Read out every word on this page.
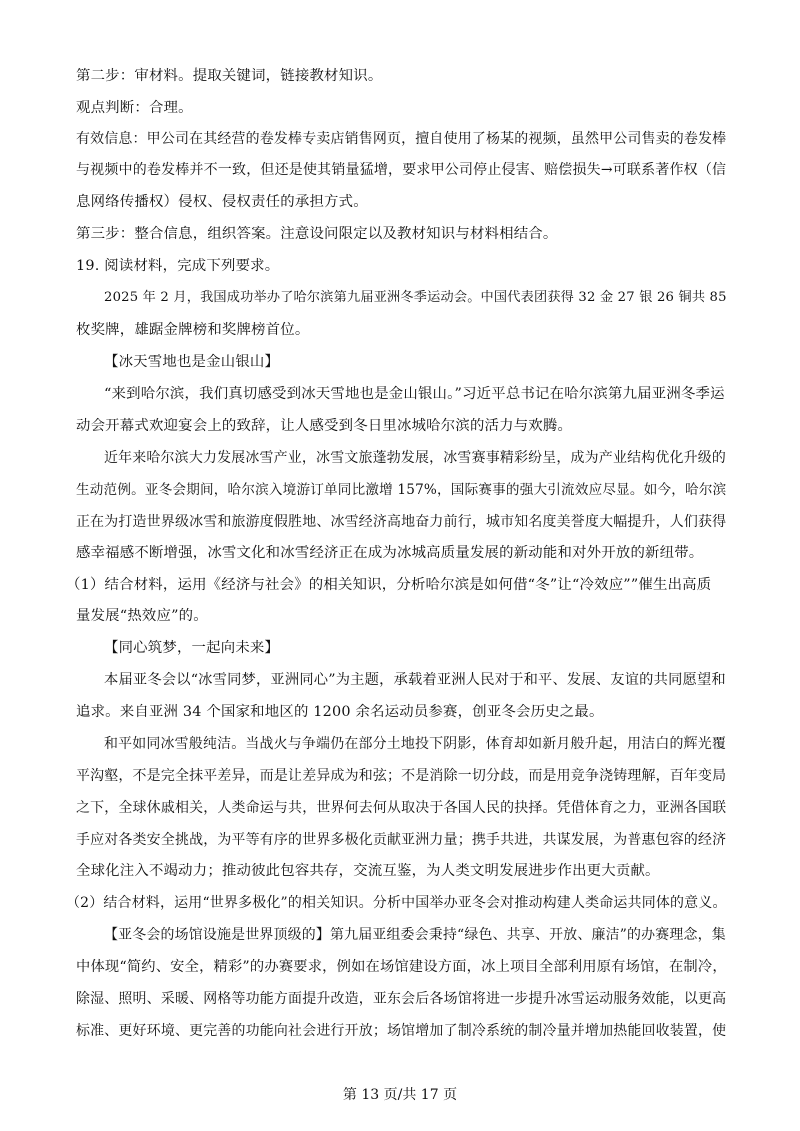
第二步：审材料。提取关键词，链接教材知识。
观点判断：合理。
有效信息：甲公司在其经营的卷发棒专卖店销售网页，擅自使用了杨某的视频，虽然甲公司售卖的卷发棒
与视频中的卷发棒并不一致，但还是使其销量猛增，要求甲公司停止侵害、赔偿损失→可联系著作权（信
息网络传播权）侵权、侵权责任的承担方式。
第三步：整合信息，组织答案。注意设问限定以及教材知识与材料相结合。
19. 阅读材料，完成下列要求。
2025 年 2 月，我国成功举办了哈尔滨第九届亚洲冬季运动会。中国代表团获得 32 金 27 银 26 铜共 85
枚奖牌，雄踞金牌榜和奖牌榜首位。
【冰天雪地也是金山银山】
“来到哈尔滨，我们真切感受到冰天雪地也是金山银山。”习近平总书记在哈尔滨第九届亚洲冬季运
动会开幕式欢迎宴会上的致辞，让人感受到冬日里冰城哈尔滨的活力与欢腾。
近年来哈尔滨大力发展冰雪产业，冰雪文旅蓬勃发展，冰雪赛事精彩纷呈，成为产业结构优化升级的
生动范例。亚冬会期间，哈尔滨入境游订单同比激增 157%，国际赛事的强大引流效应尽显。如今，哈尔滨
正在为打造世界级冰雪和旅游度假胜地、冰雪经济高地奋力前行，城市知名度美誉度大幅提升，人们获得
感幸福感不断增强，冰雪文化和冰雪经济正在成为冰城高质量发展的新动能和对外开放的新纽带。
（1）结合材料，运用《经济与社会》的相关知识，分析哈尔滨是如何借“冬”让“冷效应””催生出高质
量发展“热效应”的。
【同心筑梦，一起向未来】
本届亚冬会以“冰雪同梦，亚洲同心”为主题，承载着亚洲人民对于和平、发展、友谊的共同愿望和
追求。来自亚洲 34 个国家和地区的 1200 余名运动员参赛，创亚冬会历史之最。
和平如同冰雪般纯洁。当战火与争端仍在部分土地投下阴影，体育却如新月般升起，用洁白的辉光覆
平沟壑，不是完全抹平差异，而是让差异成为和弦；不是消除一切分歧，而是用竞争浇铸理解，百年变局
之下，全球休戚相关，人类命运与共，世界何去何从取决于各国人民的抉择。凭借体育之力，亚洲各国联
手应对各类安全挑战，为平等有序的世界多极化贡献亚洲力量；携手共进，共谋发展，为普惠包容的经济
全球化注入不竭动力；推动彼此包容共存，交流互鉴，为人类文明发展进步作出更大贡献。
（2）结合材料，运用“世界多极化”的相关知识。分析中国举办亚冬会对推动构建人类命运共同体的意义。
【亚冬会的场馆设施是世界顶级的】第九届亚组委会秉持“绿色、共享、开放、廉洁”的办赛理念，集
中体现“简约、安全，精彩”的办赛要求，例如在场馆建设方面，冰上项目全部利用原有场馆，在制冷，
除湿、照明、采暖、网格等功能方面提升改造，亚东会后各场馆将进一步提升冰雪运动服务效能，以更高
标准、更好环境、更完善的功能向社会进行开放；场馆增加了制冷系统的制冷量并增加热能回收装置，使
第 13 页/共 17 页
